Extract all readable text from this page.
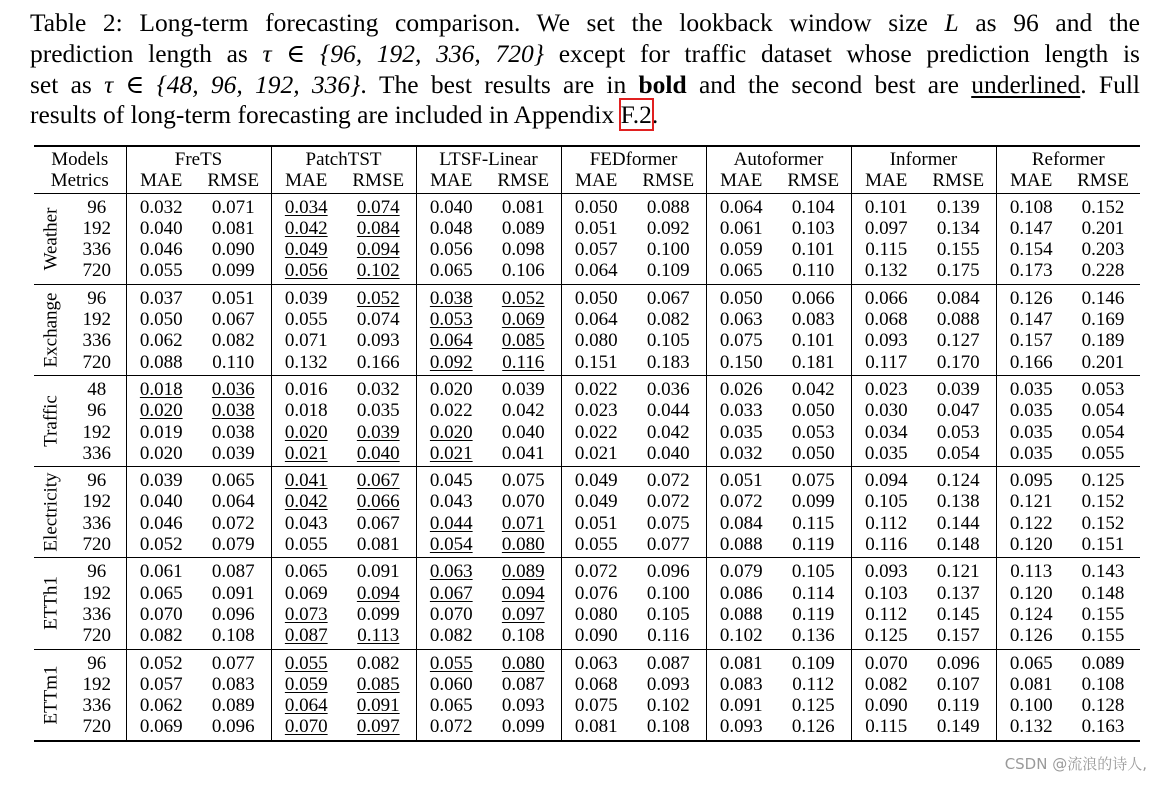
Table 2: Long-term forecasting comparison. We set the lookback window size L as 96 and the
prediction length as τ ∈ {96, 192, 336, 720} except for traffic dataset whose prediction length is
set as τ ∈ {48, 96, 192, 336}. The best results are in bold and the second best are underlined. Full
results of long-term forecasting are included in Appendix F.2.
Models		FreTS		PatchTST		LTSF-Linear		FEDformer		Autoformer		Informer		Reformer	
Metrics		MAE	RMSE	MAE	RMSE	MAE	RMSE	MAE	RMSE	MAE	RMSE	MAE	RMSE	MAE	RMSE

Weather	96	0.032	0.071	0.034	0.074	0.040	0.081	0.050	0.088	0.064	0.104	0.101	0.139	0.108	0.152
	192	0.040	0.081	0.042	0.084	0.048	0.089	0.051	0.092	0.061	0.103	0.097	0.134	0.147	0.201
	336	0.046	0.090	0.049	0.094	0.056	0.098	0.057	0.100	0.059	0.101	0.115	0.155	0.154	0.203
	720	0.055	0.099	0.056	0.102	0.065	0.106	0.064	0.109	0.065	0.110	0.132	0.175	0.173	0.228

Exchange	96	0.037	0.051	0.039	0.052	0.038	0.052	0.050	0.067	0.050	0.066	0.066	0.084	0.126	0.146
	192	0.050	0.067	0.055	0.074	0.053	0.069	0.064	0.082	0.063	0.083	0.068	0.088	0.147	0.169
	336	0.062	0.082	0.071	0.093	0.064	0.085	0.080	0.105	0.075	0.101	0.093	0.127	0.157	0.189
	720	0.088	0.110	0.132	0.166	0.092	0.116	0.151	0.183	0.150	0.181	0.117	0.170	0.166	0.201

Traffic	48	0.018	0.036	0.016	0.032	0.020	0.039	0.022	0.036	0.026	0.042	0.023	0.039	0.035	0.053
	96	0.020	0.038	0.018	0.035	0.022	0.042	0.023	0.044	0.033	0.050	0.030	0.047	0.035	0.054
	192	0.019	0.038	0.020	0.039	0.020	0.040	0.022	0.042	0.035	0.053	0.034	0.053	0.035	0.054
	336	0.020	0.039	0.021	0.040	0.021	0.041	0.021	0.040	0.032	0.050	0.035	0.054	0.035	0.055

Electricity	96	0.039	0.065	0.041	0.067	0.045	0.075	0.049	0.072	0.051	0.075	0.094	0.124	0.095	0.125
	192	0.040	0.064	0.042	0.066	0.043	0.070	0.049	0.072	0.072	0.099	0.105	0.138	0.121	0.152
	336	0.046	0.072	0.043	0.067	0.044	0.071	0.051	0.075	0.084	0.115	0.112	0.144	0.122	0.152
	720	0.052	0.079	0.055	0.081	0.054	0.080	0.055	0.077	0.088	0.119	0.116	0.148	0.120	0.151

ETTh1	96	0.061	0.087	0.065	0.091	0.063	0.089	0.072	0.096	0.079	0.105	0.093	0.121	0.113	0.143
	192	0.065	0.091	0.069	0.094	0.067	0.094	0.076	0.100	0.086	0.114	0.103	0.137	0.120	0.148
	336	0.070	0.096	0.073	0.099	0.070	0.097	0.080	0.105	0.088	0.119	0.112	0.145	0.124	0.155
	720	0.082	0.108	0.087	0.113	0.082	0.108	0.090	0.116	0.102	0.136	0.125	0.157	0.126	0.155

ETTm1	96	0.052	0.077	0.055	0.082	0.055	0.080	0.063	0.087	0.081	0.109	0.070	0.096	0.065	0.089
	192	0.057	0.083	0.059	0.085	0.060	0.087	0.068	0.093	0.083	0.112	0.082	0.107	0.081	0.108
	336	0.062	0.089	0.064	0.091	0.065	0.093	0.075	0.102	0.091	0.125	0.090	0.119	0.100	0.128
	720	0.069	0.096	0.070	0.097	0.072	0.099	0.081	0.108	0.093	0.126	0.115	0.149	0.132	0.163
CSDN @流浪的诗人,
